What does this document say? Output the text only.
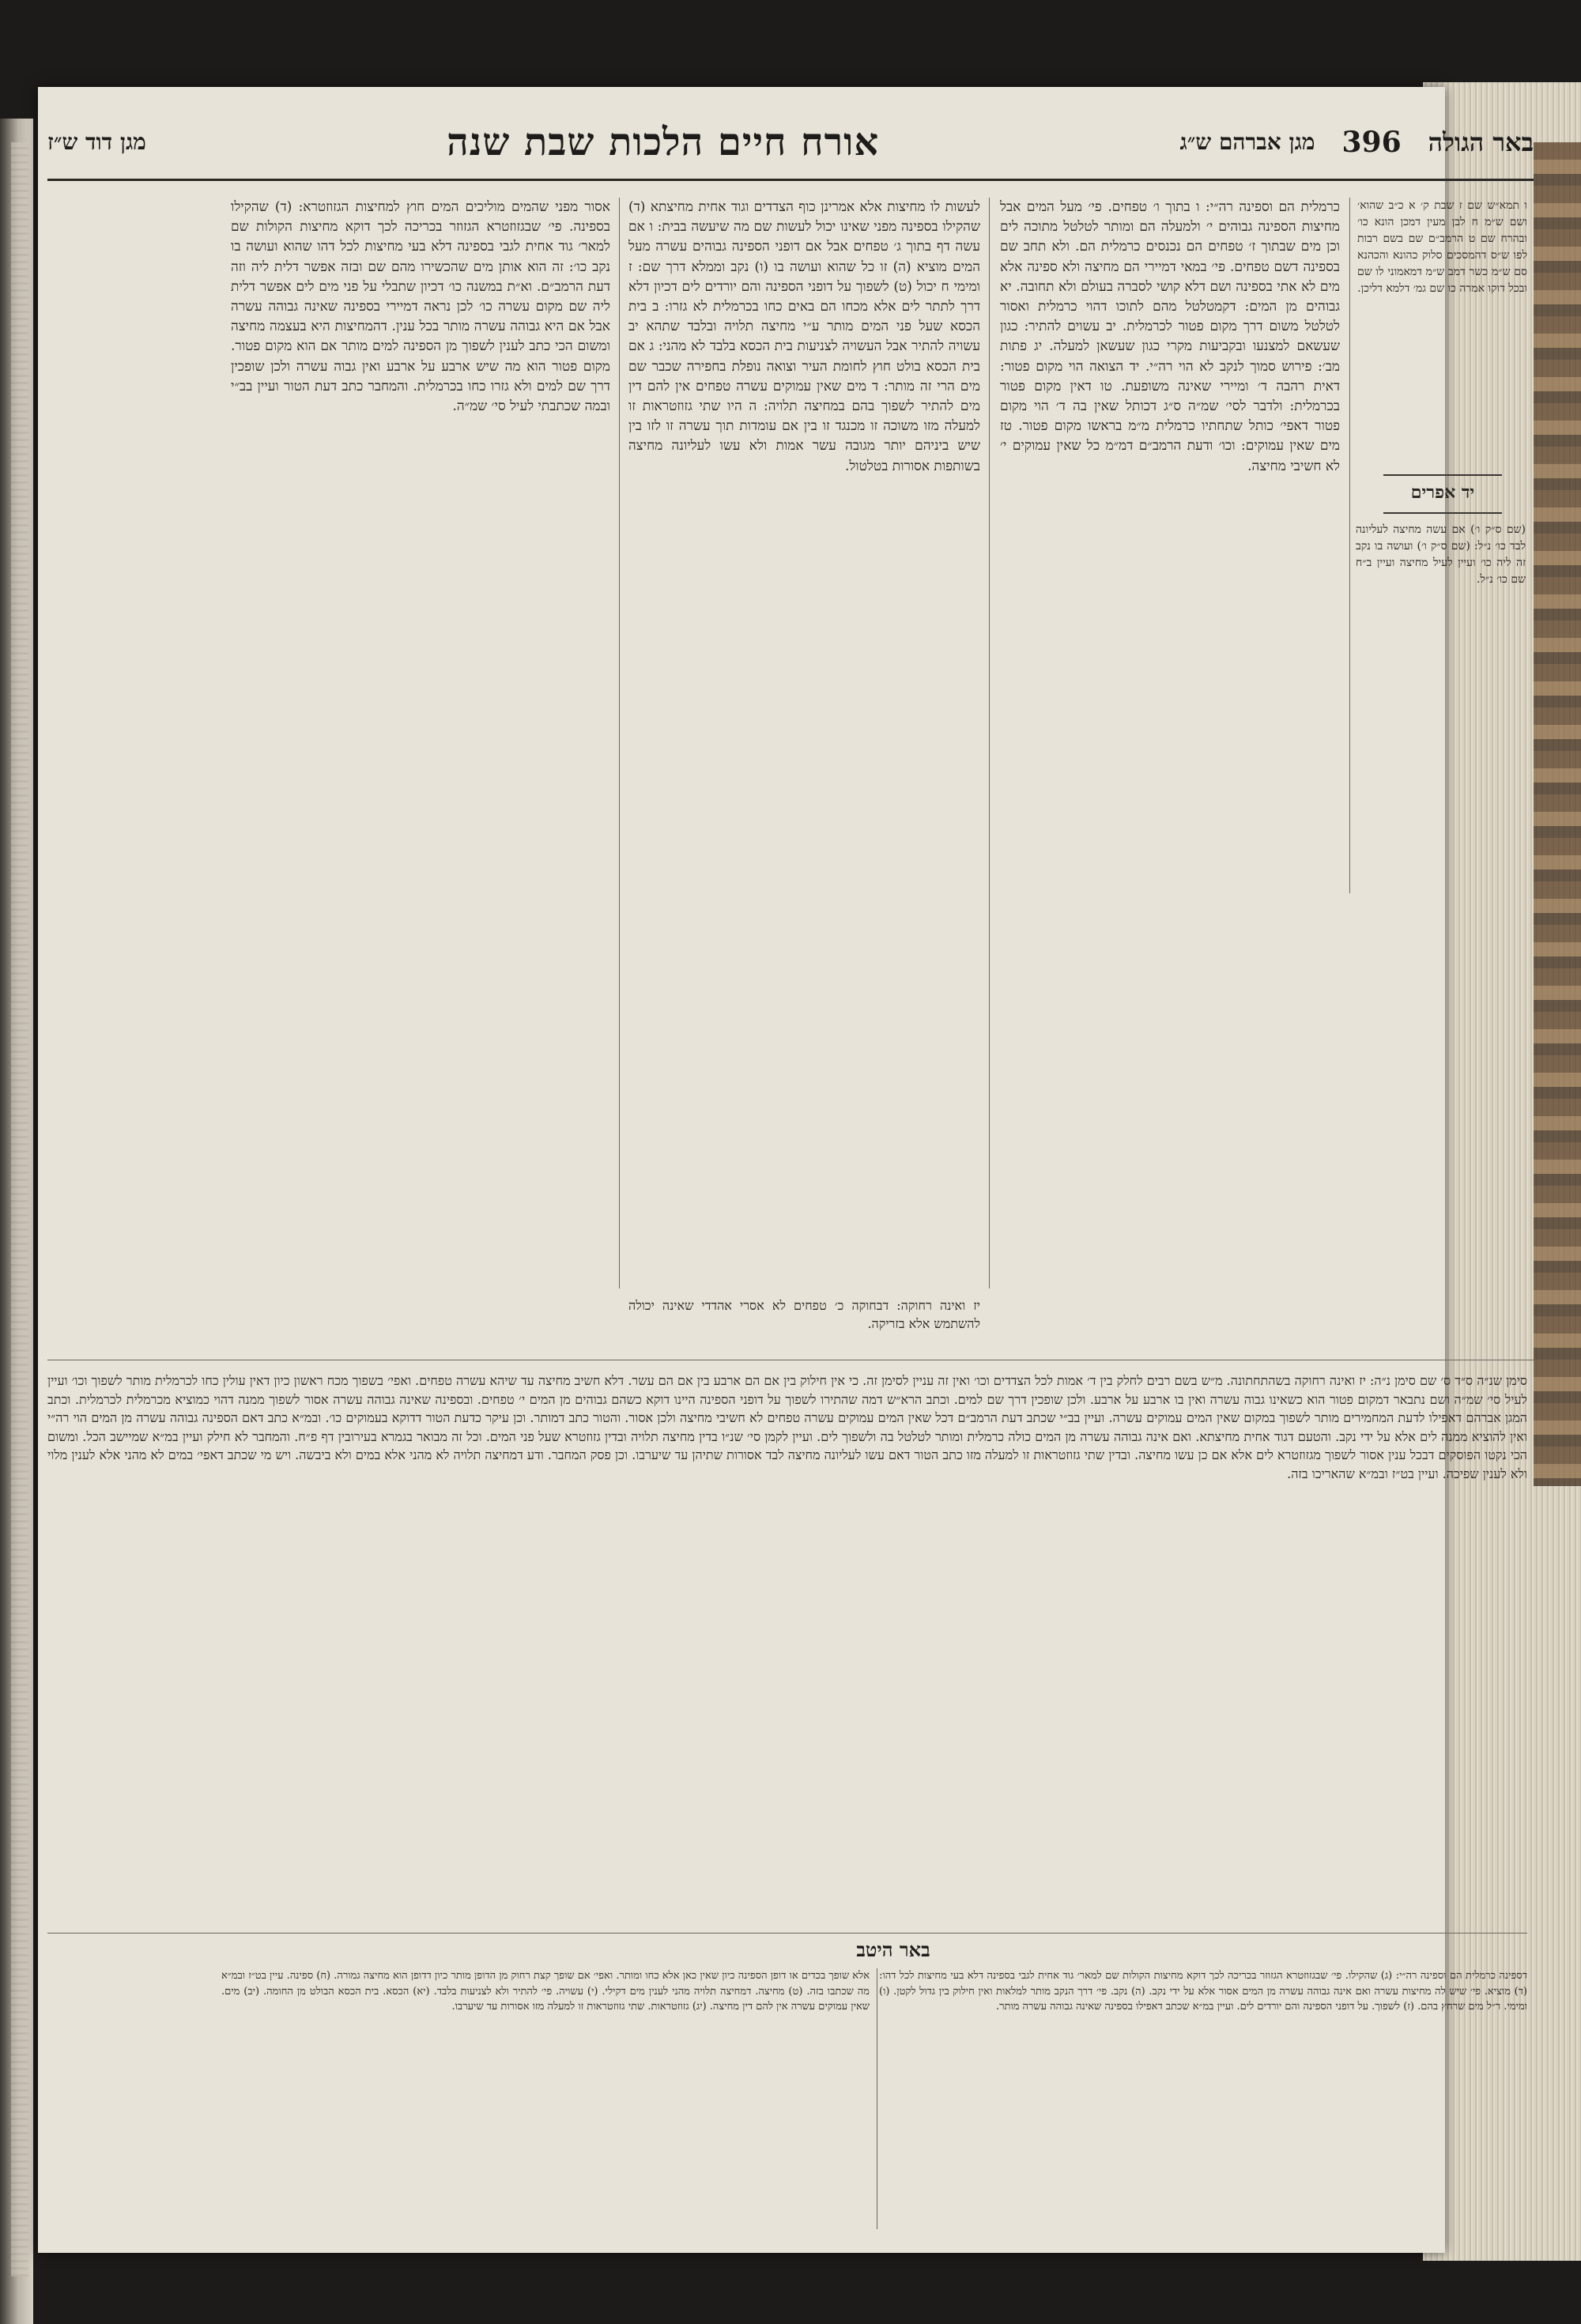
באר הגולה
396
מגן אברהם ש״ג
אורח חיים הלכות שבת שנה
מגן דוד ש״ז

ו תמא״ש שם ז שבת ק׳ א כ״ב שהוא׳ ושם ש״מ ח לבן מעין דמכן הונא כו׳ ובהרח שם ט הרמב״ם שם בשם רבות לפו ש״ס דהמסכים סלוק כהונא והכהנא סם ש״מ כשר דמב ש״מ דמאמוני לו שם ובכל דוקו אמרה כו שם גמ׳ דלמא דליכן.

יד אפרים
(שם ס״ק ו׳) אם עשה מחיצה לעליונה לבד כו׳ נ״ל: (שם ס״ק ו׳) ועושה בו נקב זה ליה כו׳ ועיין לעיל מחיצה ועיין ב״ח שם כו׳ נ״ל.

כרמלית הם וספינה רה״י: ו בתוך ו׳ טפחים. פי׳ מעל המים אבל מחיצות הספינה גבוהים י׳ ולמעלה הם ומותר לטלטל מתוכה לים וכן מים שבתוך ז׳ טפחים הם נכנסים כרמלית הם. ולא תחב שם בספינה דשם טפחים. פי׳ במאי דמיירי הם מחיצה ולא ספינה אלא מים לא אתי בספינה ושם דלא קושי לסברה בעולם ולא תחובה. יא גבוהים מן המים: דקמטלטל מהם לתוכו דהוי כרמלית ואסור לטלטל משום דרך מקום פטור לכרמלית. יב עשוים להתיר: כגון שעשאם למצנעו ובקביעות מקרי כגון שעשאן למעלה. יג פתות מב׳: פירוש סמוך לנקב לא הוי רה״י. יד הצואה הוי מקום פטור: דאית רהבה ד׳ ומיירי שאינה משופעת. טו דאין מקום פטור בכרמלית: ולדבר לסי׳ שמ״ה ס״ג דכותל שאין בה ד׳ הוי מקום פטור דאפי׳ כותל שתחתיו כרמלית מ״מ בראשו מקום פטור. טז מים שאין עמוקים: וכו׳ ודעת הרמב״ם דמ״מ כל שאין עמוקים י׳ לא חשיבי מחיצה.

לעשות לו מחיצות אלא אמרינן כוף הצדדים וגוד אחית מחיצתא (ד) שהקילו בספינה מפני שאינו יכול לעשות שם מה שיעשה בבית: ו אם עשה דף בתוך ג׳ טפחים אבל אם דופני הספינה גבוהים עשרה מעל המים מוציא (ה) זו כל שהוא ועושה בו (ו) נקב וממלא דרך שם: ז ומימי ח יכול (ט) לשפוך על דופני הספינה והם יורדים לים דכיון דלא דרך לתתר לים אלא מכחו הם באים כחו בכרמלית לא גזרו: ב בית הכסא שעל פני המים מותר ע״י מחיצה תלויה ובלבד שתהא יב עשויה להתיר אבל העשויה לצניעות בית הכסא בלבד לא מהני: ג אם בית הכסא בולט חוץ לחומת העיר וצואה נופלת בחפירה שכבר שם מים הרי זה מותר: ד מים שאין עמוקים עשרה טפחים אין להם דין מים להתיר לשפוך בהם במחיצה תלויה: ה היו שתי גזוזטראות זו למעלה מזו משוכה זו מכנגד זו בין אם עומדות תוך עשרה זו לזו בין שיש ביניהם יותר מגובה עשר אמות ולא עשו לעליונה מחיצה בשותפות אסורות בטלטול.

אסור מפני שהמים מוליכים המים חוץ למחיצות הגזוזטרא: (ד) שהקילו בספינה. פי׳ שבגזוזטרא הגזוזר בכריכה לכך דוקא מחיצות הקולות שם למאר׳ גוד אחית לגבי בספינה דלא בעי מחיצות לכל דהו שהוא ועושה בו נקב כו׳: זה הוא אותן מים שהכשירו מהם שם ובזה אפשר דלית ליה וזה דעת הרמב״ם. וא״ת במשנה כו׳ דכיון שתבלי על פני מים לים אפשר דלית ליה שם מקום עשרה כו׳ לכן נראה דמיירי בספינה שאינה גבוהה עשרה אבל אם היא גבוהה עשרה מותר בכל ענין. דהמחיצות היא בעצמה מחיצה ומשום הכי כתב לענין לשפוך מן הספינה למים מותר אם הוא מקום פטור. מקום פטור הוא מה שיש ארבע על ארבע ואין גבוה עשרה ולכן שופכין דרך שם למים ולא גזרו כחו בכרמלית. והמחבר כתב דעת הטור ועיין בב״י ובמה שכתבתי לעיל סי׳ שמ״ה.

יז ואינה רחוקה: דבחוקה כ׳ טפחים לא אסרי אהדדי שאינה יכולה להשתמש אלא בזריקה.

סימן שנ״ה ס״ד ס׳ שם סימן נ״ה: יז ואינה רחוקה בשהתחתונה. מ״ש בשם רבים לחלק בין ד׳ אמות לכל הצדדים וכו׳ ואין זה עניין לסימן זה. כי אין חילוק בין אם הם ארבע בין אם הם עשר. דלא חשיב מחיצה עד שיהא עשרה טפחים. ואפי׳ בשפוך מכח ראשון כיון דאין עולין כחו לכרמלית מותר לשפוך וכו׳ ועיין לעיל סי׳ שמ״ה ושם נתבאר דמקום פטור הוא כשאינו גבוה עשרה ואין בו ארבע על ארבע. ולכן שופכין דרך שם למים. וכתב הרא״ש דמה שהתירו לשפוך על דופני הספינה היינו דוקא כשהם גבוהים מן המים י׳ טפחים. ובספינה שאינה גבוהה עשרה אסור לשפוך ממנה דהוי כמוציא מכרמלית לכרמלית. וכתב המגן אברהם דאפילו לדעת המחמירים מותר לשפוך במקום שאין המים עמוקים עשרה. ועיין בב״י שכתב דעת הרמב״ם דכל שאין המים עמוקים עשרה טפחים לא חשיבי מחיצה ולכן אסור. והטור כתב דמותר. וכן עיקר כדעת הטור דדוקא בעמוקים כו׳. ובמ״א כתב דאם הספינה גבוהה עשרה מן המים הוי רה״י ואין להוציא ממנה לים אלא על ידי נקב. והטעם דגוד אחית מחיצתא. ואם אינה גבוהה עשרה מן המים כולה כרמלית ומותר לטלטל בה ולשפוך לים. ועיין לקמן סי׳ שנ״ו בדין מחיצה תלויה ובדין גזוזטרא שעל פני המים. וכל זה מבואר בגמרא בעירובין דף פ״ח. והמחבר לא חילק ועיין במ״א שמיישב הכל. ומשום הכי נקטו הפוסקים דבכל ענין אסור לשפוך מגזוזטרא לים אלא אם כן עשו מחיצה. ובדין שתי גזוזטראות זו למעלה מזו כתב הטור דאם עשו לעליונה מחיצה לבד אסורות שתיהן עד שיערבו. וכן פסק המחבר. ודע דמחיצה תלויה לא מהני אלא במים ולא ביבשה. ויש מי שכתב דאפי׳ במים לא מהני אלא לענין מלוי ולא לענין שפיכה. ועיין בט״ז ובמ״א שהאריכו בזה.

באר היטב
דספינה כרמלית הם וספינה רה״י: (ג) שהקילו. פי׳ שבגזוזטרא הגזוזר בכריכה לכך דוקא מחיצות הקולות שם למאר׳ גוד אחית לגבי בספינה דלא בעי מחיצות לכל דהו: (ד) מוציא. פי׳ שיש לה מחיצות עשרה ואם אינה גבוהה עשרה מן המים אסור אלא על ידי נקב. (ה) נקב. פי׳ דרך הנקב מותר למלאות ואין חילוק בין גדול לקטן. (ו) ומימי. ר״ל מים שרחץ בהם. (ז) לשפוך. על דופני הספינה והם יורדים לים. ועיין במ״א שכתב דאפילו בספינה שאינה גבוהה עשרה מותר.
אלא שופך בכדים או דופן הספינה כיון שאין כאן אלא כחו ומותר. ואפי׳ אם שופך קצת רחוק מן הדופן מותר כיון דדופן הוא מחיצה גמורה. (ח) ספינה. עיין בט״ז ובמ״א מה שכתבו בזה. (ט) מחיצה. דמחיצה תלויה מהני לענין מים דקילי. (י) עשויה. פי׳ להתיר ולא לצניעות בלבד. (יא) הכסא. בית הכסא הבולט מן החומה. (יב) מים. שאין עמוקים עשרה אין להם דין מחיצה. (יג) גזוזטראות. שתי גזוזטראות זו למעלה מזו אסורות עד שיערבו.
